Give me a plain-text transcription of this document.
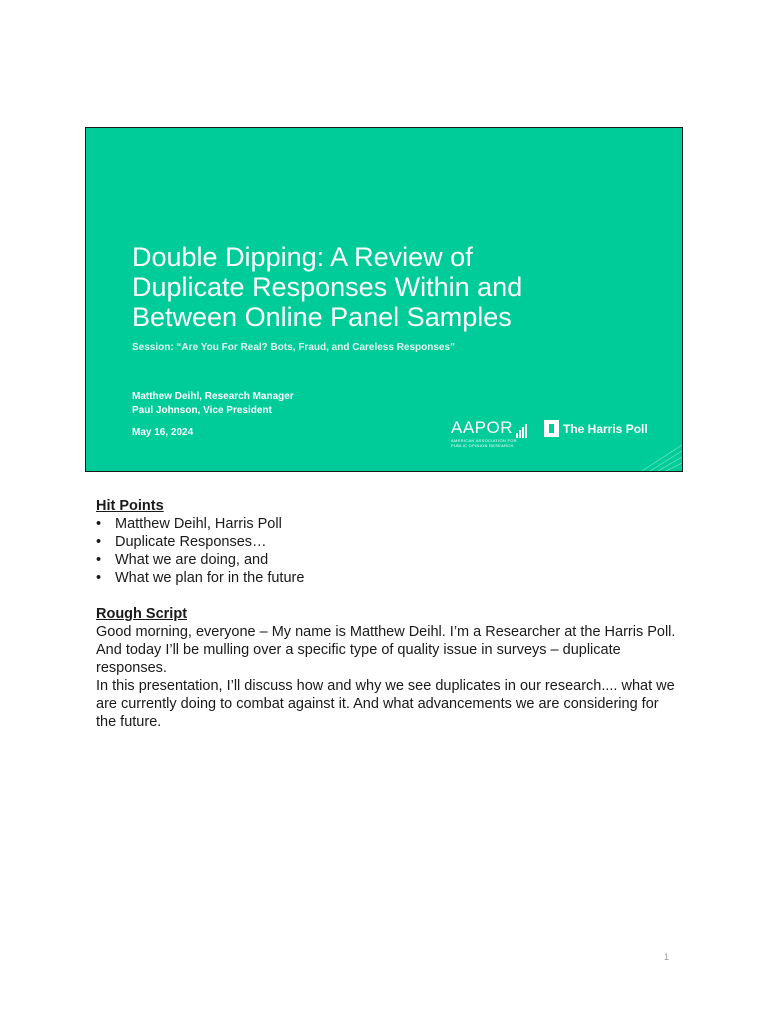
Double Dipping: A Review of
Duplicate Responses Within and
Between Online Panel Samples
Session: “Are You For Real? Bots, Fraud, and Careless Responses”
Matthew Deihl, Research Manager
Paul Johnson, Vice President
May 16, 2024	AAPOR
AMERICAN ASSOCIATION FOR
PUBLIC OPINION RESEARCH
The Harris Poll

Hit Points

• Matthew Deihl, Harris Poll
• Duplicate Responses…
• What we are doing, and
• What we plan for in the future

Rough Script

Good morning, everyone – My name is Matthew Deihl. I’m a Researcher at the Harris Poll. And today I’ll be mulling over a specific type of quality issue in surveys – duplicate responses.

In this presentation, I’ll discuss how and why we see duplicates in our research.... what we are currently doing to combat against it. And what advancements we are considering for the future.

1
